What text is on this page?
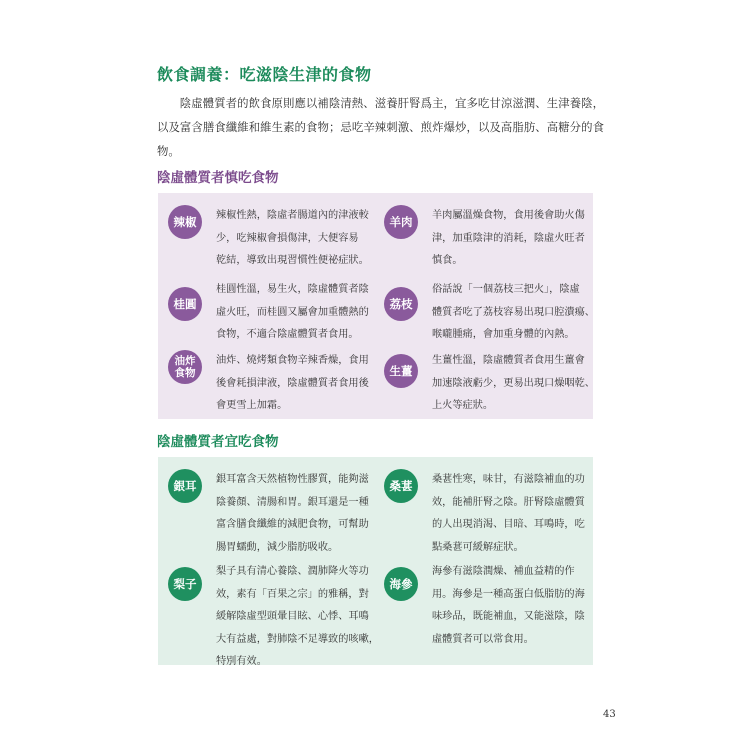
飲食調養：吃滋陰生津的食物

陰虛體質者的飲食原則應以補陰清熱、滋養肝腎爲主，宜多吃甘涼滋潤、生津養陰，以及富含膳食纖維和維生素的食物；忌吃辛辣刺激、煎炸爆炒，以及高脂肪、高糖分的食物。

陰虛體質者慎吃食物
辣椒	辣椒性熱，陰虛者腸道內的津液較
少，吃辣椒會損傷津，大便容易
乾結，導致出現習慣性便祕症狀。

羊肉	羊肉屬溫燥食物，食用後會助火傷
津，加重陰津的消耗，陰虛火旺者
慎食。

桂圓

桂圓性溫，易生火，陰虛體質者陰
虛火旺，而桂圓又屬會加重體熱的
食物，不適合陰虛體質者食用。

荔枝

俗話說「一個荔枝三把火」，陰虛
體質者吃了荔枝容易出現口腔潰瘍、
喉嚨腫痛，會加重身體的內熱。

油炸
食物

油炸、燒烤類食物辛辣香燥，食用
後會耗損津液，陰虛體質者食用後
會更雪上加霜。

生薑

生薑性溫，陰虛體質者食用生薑會
加速陰液虧少，更易出現口燥咽乾、
上火等症狀。

陰虛體質者宜吃食物
銀耳	銀耳富含天然植物性膠質，能夠滋
陰養顏、清腸和胃。銀耳還是一種
富含膳食纖維的減肥食物，可幫助
腸胃蠕動，減少脂肪吸收。

桑葚	桑葚性寒，味甘，有滋陰補血的功
效，能補肝腎之陰。肝腎陰虛體質
的人出現消渴、目暗、耳鳴時，吃
點桑葚可緩解症狀。

梨子

梨子具有清心養陰、潤肺降火等功
效，素有「百果之宗」的雅稱，對
緩解陰虛型頭暈目眩、心悸、耳鳴
大有益處，對肺陰不足導致的咳嗽，
特別有效。

海參

海參有滋陰潤燥、補血益精的作
用。海參是一種高蛋白低脂肪的海
味珍品，既能補血，又能滋陰，陰
虛體質者可以常食用。

43
